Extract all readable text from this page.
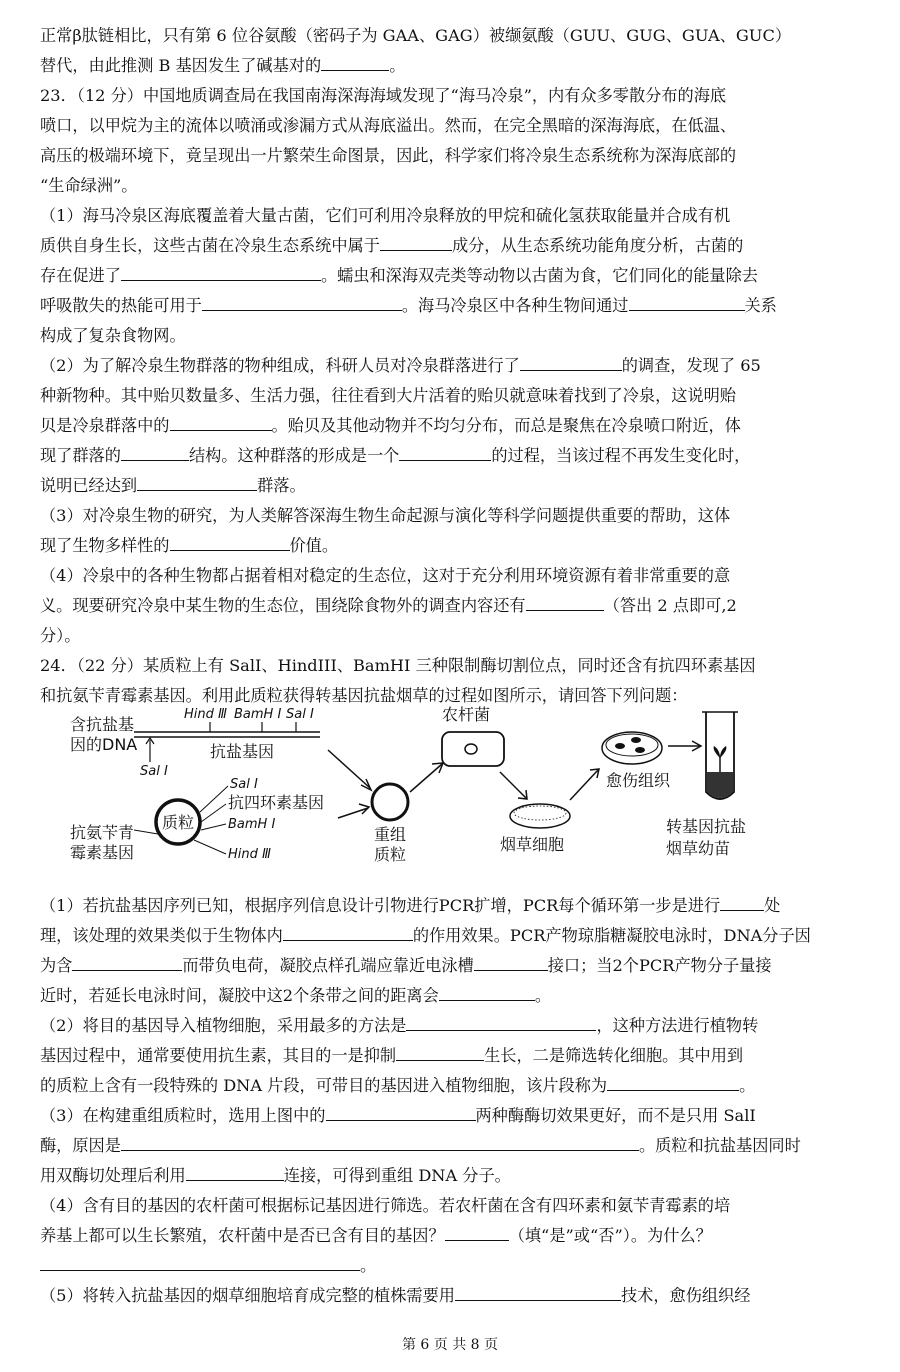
正常β肽链相比，只有第 6 位谷氨酸（密码子为 GAA、GAG）被缬氨酸（GUU、GUG、GUA、GUC）
替代，由此推测 B 基因发生了碱基对的	。
23．（12 分）中国地质调查局在我国南海深海海域发现了“海马冷泉”，内有众多零散分布的海底
喷口，以甲烷为主的流体以喷涌或渗漏方式从海底溢出。然而，在完全黑暗的深海海底，在低温、
高压的极端环境下，竟呈现出一片繁荣生命图景，因此，科学家们将冷泉生态系统称为深海底部的
“生命绿洲”。
（1）海马冷泉区海底覆盖着大量古菌，它们可利用冷泉释放的甲烷和硫化氢获取能量并合成有机
质供自身生长，这些古菌在冷泉生态系统中属于	成分，从生态系统功能角度分析，古菌的
存在促进了	。蠕虫和深海双壳类等动物以古菌为食，它们同化的能量除去
呼吸散失的热能可用于	。海马冷泉区中各种生物间通过	关系
构成了复杂食物网。
（2）为了解冷泉生物群落的物种组成，科研人员对冷泉群落进行了	的调查，发现了 65
种新物种。其中贻贝数量多、生活力强，往往看到大片活着的贻贝就意味着找到了冷泉，这说明贻
贝是冷泉群落中的	。贻贝及其他动物并不均匀分布，而总是聚焦在冷泉喷口附近，体
现了群落的	结构。这种群落的形成是一个	的过程，当该过程不再发生变化时，
说明已经达到	群落。
（3）对冷泉生物的研究，为人类解答深海生物生命起源与演化等科学问题提供重要的帮助，这体
现了生物多样性的	价值。
（4）冷泉中的各种生物都占据着相对稳定的生态位，这对于充分利用环境资源有着非常重要的意
义。现要研究冷泉中某生物的生态位，围绕除食物外的调查内容还有	（答出 2 点即可,2
分）。
24．（22 分）某质粒上有 SalI、HindIII、BamHI 三种限制酶切割位点，同时还含有抗四环素基因
和抗氨苄青霉素基因。利用此质粒获得转基因抗盐烟草的过程如图所示，请回答下列问题：
（1）若抗盐基因序列已知，根据序列信息设计引物进行PCR扩增，PCR每个循环第一步是进行	处
理，该处理的效果类似于生物体内	的作用效果。PCR产物琼脂糖凝胶电泳时，DNA分子因
为含	而带负电荷，凝胶点样孔端应靠近电泳槽	接口；当2个PCR产物分子量接
近时，若延长电泳时间，凝胶中这2个条带之间的距离会	。
（2）将目的基因导入植物细胞，采用最多的方法是	，这种方法进行植物转
基因过程中，通常要使用抗生素，其目的一是抑制	生长，二是筛选转化细胞。其中用到
的质粒上含有一段特殊的 DNA 片段，可带目的基因进入植物细胞，该片段称为	。
（3）在构建重组质粒时，选用上图中的	两种酶酶切效果更好，而不是只用 SalI
酶，原因是	。质粒和抗盐基因同时
用双酶切处理后利用	连接，可得到重组 DNA 分子。
（4）含有目的基因的农杆菌可根据标记基因进行筛选。若农杆菌在含有四环素和氨苄青霉素的培
养基上都可以生长繁殖，农杆菌中是否已含有目的基因？	（填“是”或“否”）。为什么？
。
（5）将转入抗盐基因的烟草细胞培育成完整的植株需要用	技术，愈伤组织经
含抗盐基
因的DNA
Hind Ⅲ BamH Ⅰ Sal Ⅰ
Sal Ⅰ
抗盐基因
质粒
Sal Ⅰ
抗四环素基因
BamH Ⅰ
Hind Ⅲ
抗氨苄青
霉素基因
重组
质粒
农杆菌
烟草细胞
愈伤组织
转基因抗盐
烟草幼苗
第 6 页 共 8 页
